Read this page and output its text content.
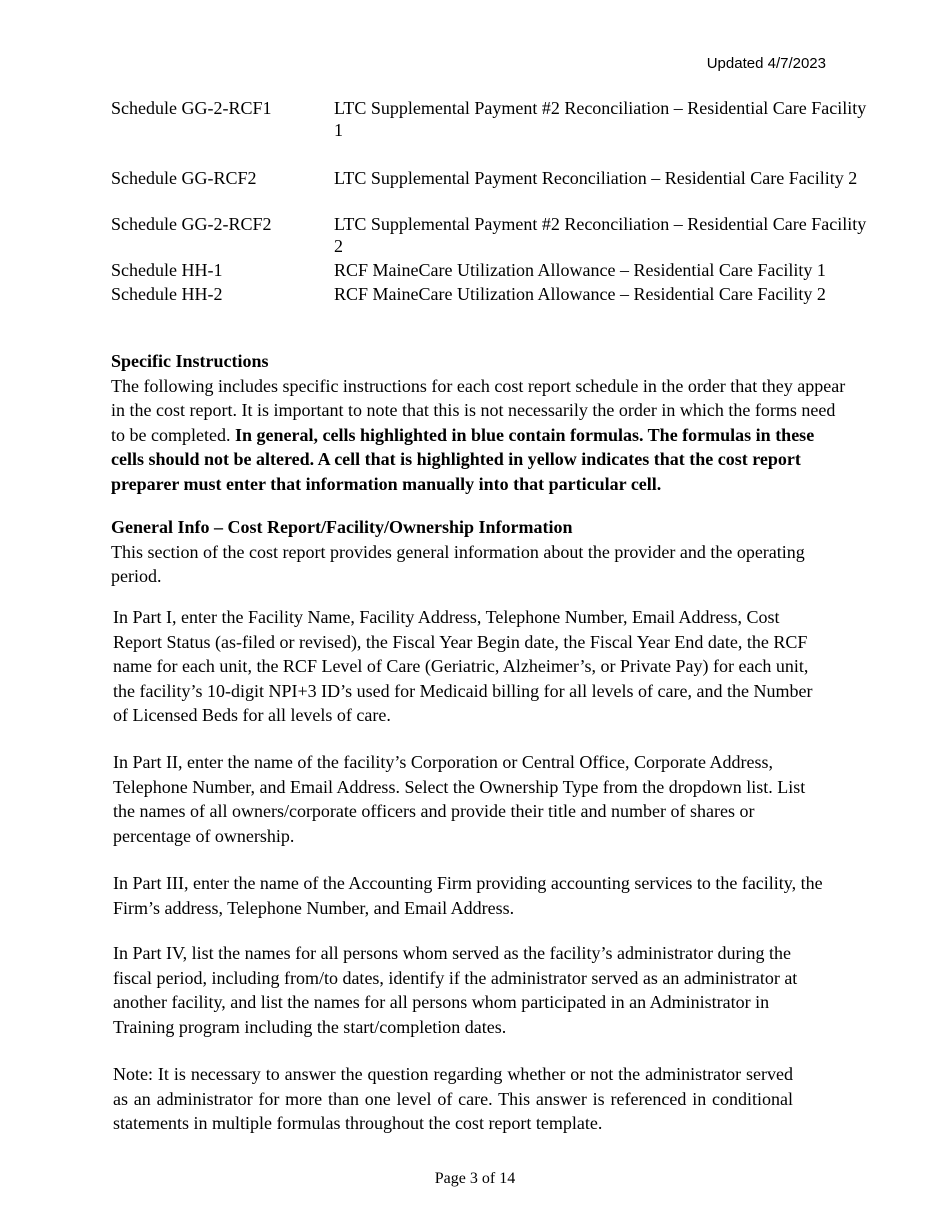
Updated 4/7/2023
Schedule GG-2-RCF1	LTC Supplemental Payment #2 Reconciliation – Residential Care Facility 1
Schedule GG-RCF2	LTC Supplemental Payment Reconciliation – Residential Care Facility 2
Schedule GG-2-RCF2	LTC Supplemental Payment #2 Reconciliation – Residential Care Facility 2
Schedule HH-1	RCF MaineCare Utilization Allowance – Residential Care Facility 1
Schedule HH-2	RCF MaineCare Utilization Allowance – Residential Care Facility 2
Specific Instructions
The following includes specific instructions for each cost report schedule in the order that they appear in the cost report. It is important to note that this is not necessarily the order in which the forms need to be completed. In general, cells highlighted in blue contain formulas. The formulas in these cells should not be altered. A cell that is highlighted in yellow indicates that the cost report preparer must enter that information manually into that particular cell.
General Info – Cost Report/Facility/Ownership Information
This section of the cost report provides general information about the provider and the operating period.
In Part I, enter the Facility Name, Facility Address, Telephone Number, Email Address, Cost Report Status (as-filed or revised), the Fiscal Year Begin date, the Fiscal Year End date, the RCF name for each unit, the RCF Level of Care (Geriatric, Alzheimer’s, or Private Pay) for each unit, the facility’s 10-digit NPI+3 ID’s used for Medicaid billing for all levels of care, and the Number of Licensed Beds for all levels of care.
In Part II, enter the name of the facility’s Corporation or Central Office, Corporate Address, Telephone Number, and Email Address. Select the Ownership Type from the dropdown list. List the names of all owners/corporate officers and provide their title and number of shares or percentage of ownership.
In Part III, enter the name of the Accounting Firm providing accounting services to the facility, the Firm’s address, Telephone Number, and Email Address.
In Part IV, list the names for all persons whom served as the facility’s administrator during the fiscal period, including from/to dates, identify if the administrator served as an administrator at another facility, and list the names for all persons whom participated in an Administrator in Training program including the start/completion dates.
Note: It is necessary to answer the question regarding whether or not the administrator served as an administrator for more than one level of care. This answer is referenced in conditional statements in multiple formulas throughout the cost report template.
Page 3 of 14
